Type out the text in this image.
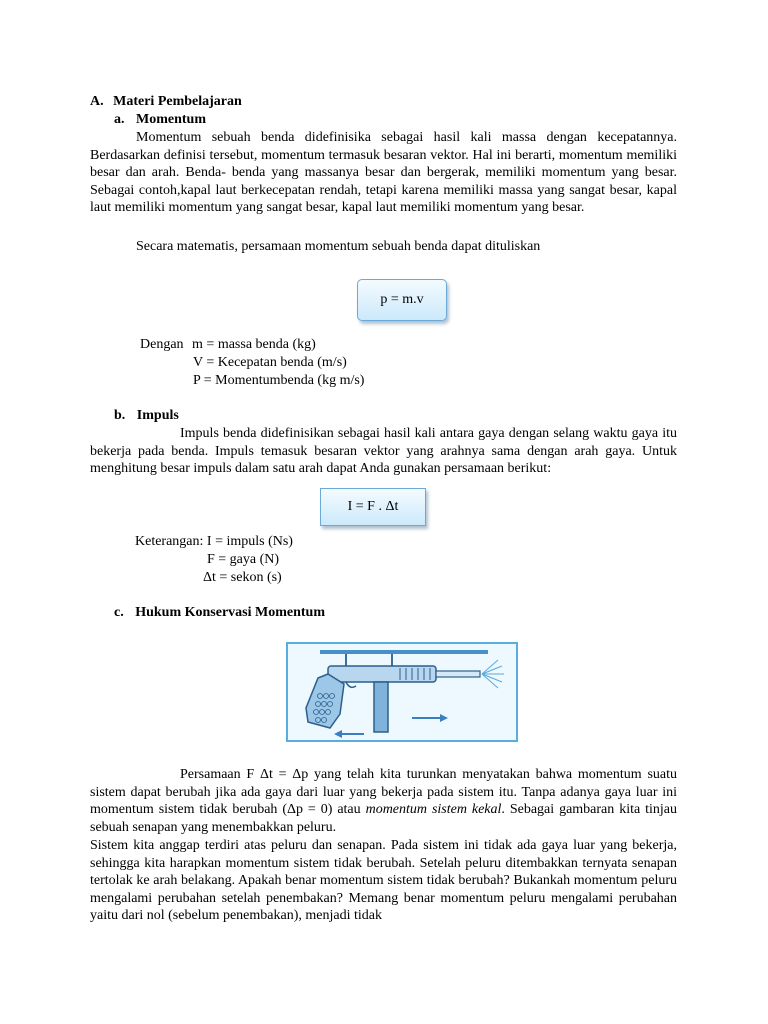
A. Materi Pembelajaran
a. Momentum

Momentum sebuah benda didefinisika sebagai hasil kali massa dengan kecepatannya. Berdasarkan definisi tersebut, momentum termasuk besaran vektor. Hal ini berarti, momentum memiliki besar dan arah. Benda- benda yang massanya besar dan bergerak, memiliki momentum yang besar. Sebagai contoh,kapal laut berkecepatan rendah, tetapi karena memiliki massa yang sangat besar, kapal laut memiliki momentum yang sangat besar, kapal laut memiliki momentum yang besar.

Secara matematis, persamaan momentum sebuah benda dapat dituliskan

p = m.v
Dengan m = massa benda (kg)
V = Kecepatan benda (m/s)
P = Momentumbenda (kg m/s)
b. Impuls

Impuls benda didefinisikan sebagai hasil kali antara gaya dengan selang waktu gaya itu bekerja pada benda. Impuls temasuk besaran vektor yang arahnya sama dengan arah gaya. Untuk menghitung besar impuls dalam satu arah dapat Anda gunakan persamaan berikut:

I = F . Δt
Keterangan: I = impuls (Ns)
F = gaya (N)
Δt = sekon (s)
c. Hukum Konservasi Momentum

Persamaan F Δt = Δp yang telah kita turunkan menyatakan bahwa momentum suatu sistem dapat berubah jika ada gaya dari luar yang bekerja pada sistem itu. Tanpa adanya gaya luar ini momentum sistem tidak berubah (Δp = 0) atau momentum sistem kekal. Sebagai gambaran kita tinjau sebuah senapan yang menembakkan peluru.

Sistem kita anggap terdiri atas peluru dan senapan. Pada sistem ini tidak ada gaya luar yang bekerja, sehingga kita harapkan momentum sistem tidak berubah. Setelah peluru ditembakkan ternyata senapan tertolak ke arah belakang. Apakah benar momentum sistem tidak berubah? Bukankah momentum peluru mengalami perubahan setelah penembakan? Memang benar momentum peluru mengalami perubahan yaitu dari nol (sebelum penembakan), menjadi tidak
